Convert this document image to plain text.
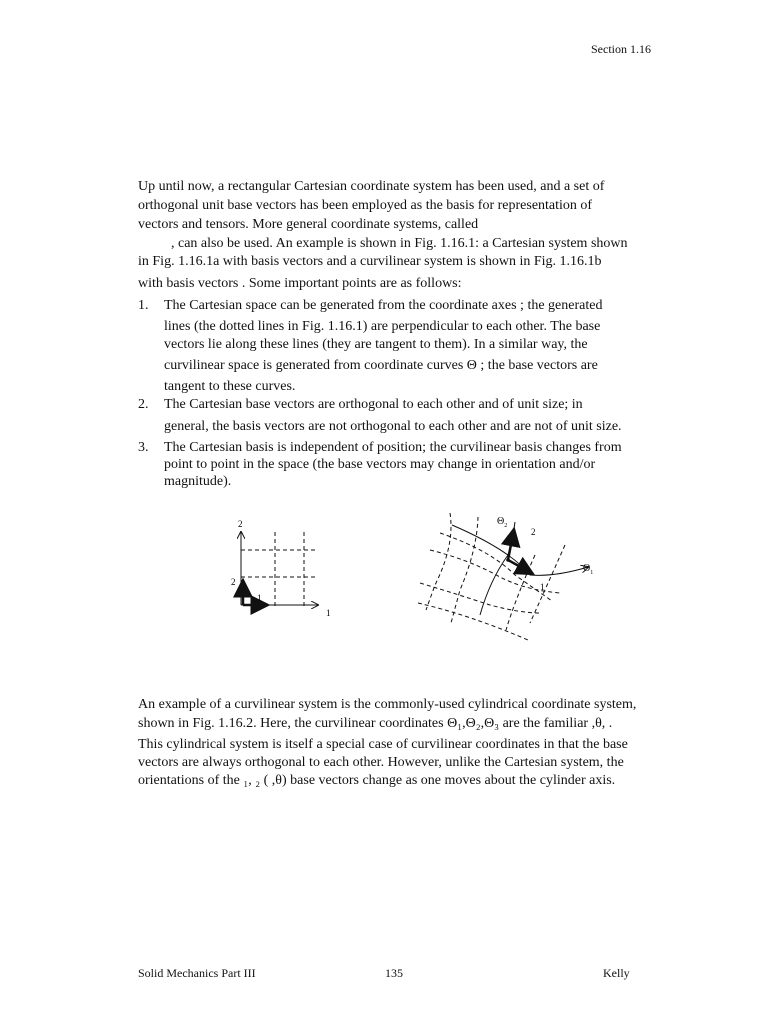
Section 1.16
Up until now, a rectangular Cartesian coordinate system has been used, and a set of
orthogonal unit base vectors has been employed as the basis for representation of
vectors and tensors. More general coordinate systems, called
, can also be used. An example is shown in Fig. 1.16.1: a Cartesian system shown
in Fig. 1.16.1a with basis vectors and a curvilinear system is shown in Fig. 1.16.1b
with basis vectors . Some important points are as follows:
1. The Cartesian space can be generated from the coordinate axes ; the generated
lines (the dotted lines in Fig. 1.16.1) are perpendicular to each other. The base
vectors lie along these lines (they are tangent to them). In a similar way, the
curvilinear space is generated from coordinate curves Θ ; the base vectors are
tangent to these curves.
2. The Cartesian base vectors are orthogonal to each other and of unit size; in
general, the basis vectors are not orthogonal to each other and are not of unit size.
3. The Cartesian basis is independent of position; the curvilinear basis changes from
point to point in the space (the base vectors may change in orientation and/or
magnitude).
2
2
1
1
$\Theta_2$
2
1
$\Theta_1$
An example of a curvilinear system is the commonly-used cylindrical coordinate system,
shown in Fig. 1.16.2. Here, the curvilinear coordinates Θ₁,Θ₂,Θ₃ are the familiar ,θ, .
This cylindrical system is itself a special case of curvilinear coordinates in that the base
vectors are always orthogonal to each other. However, unlike the Cartesian system, the
orientations of the ₁, ₂ ( ,θ) base vectors change as one moves about the cylinder axis.
Solid Mechanics Part III	135	Kelly
